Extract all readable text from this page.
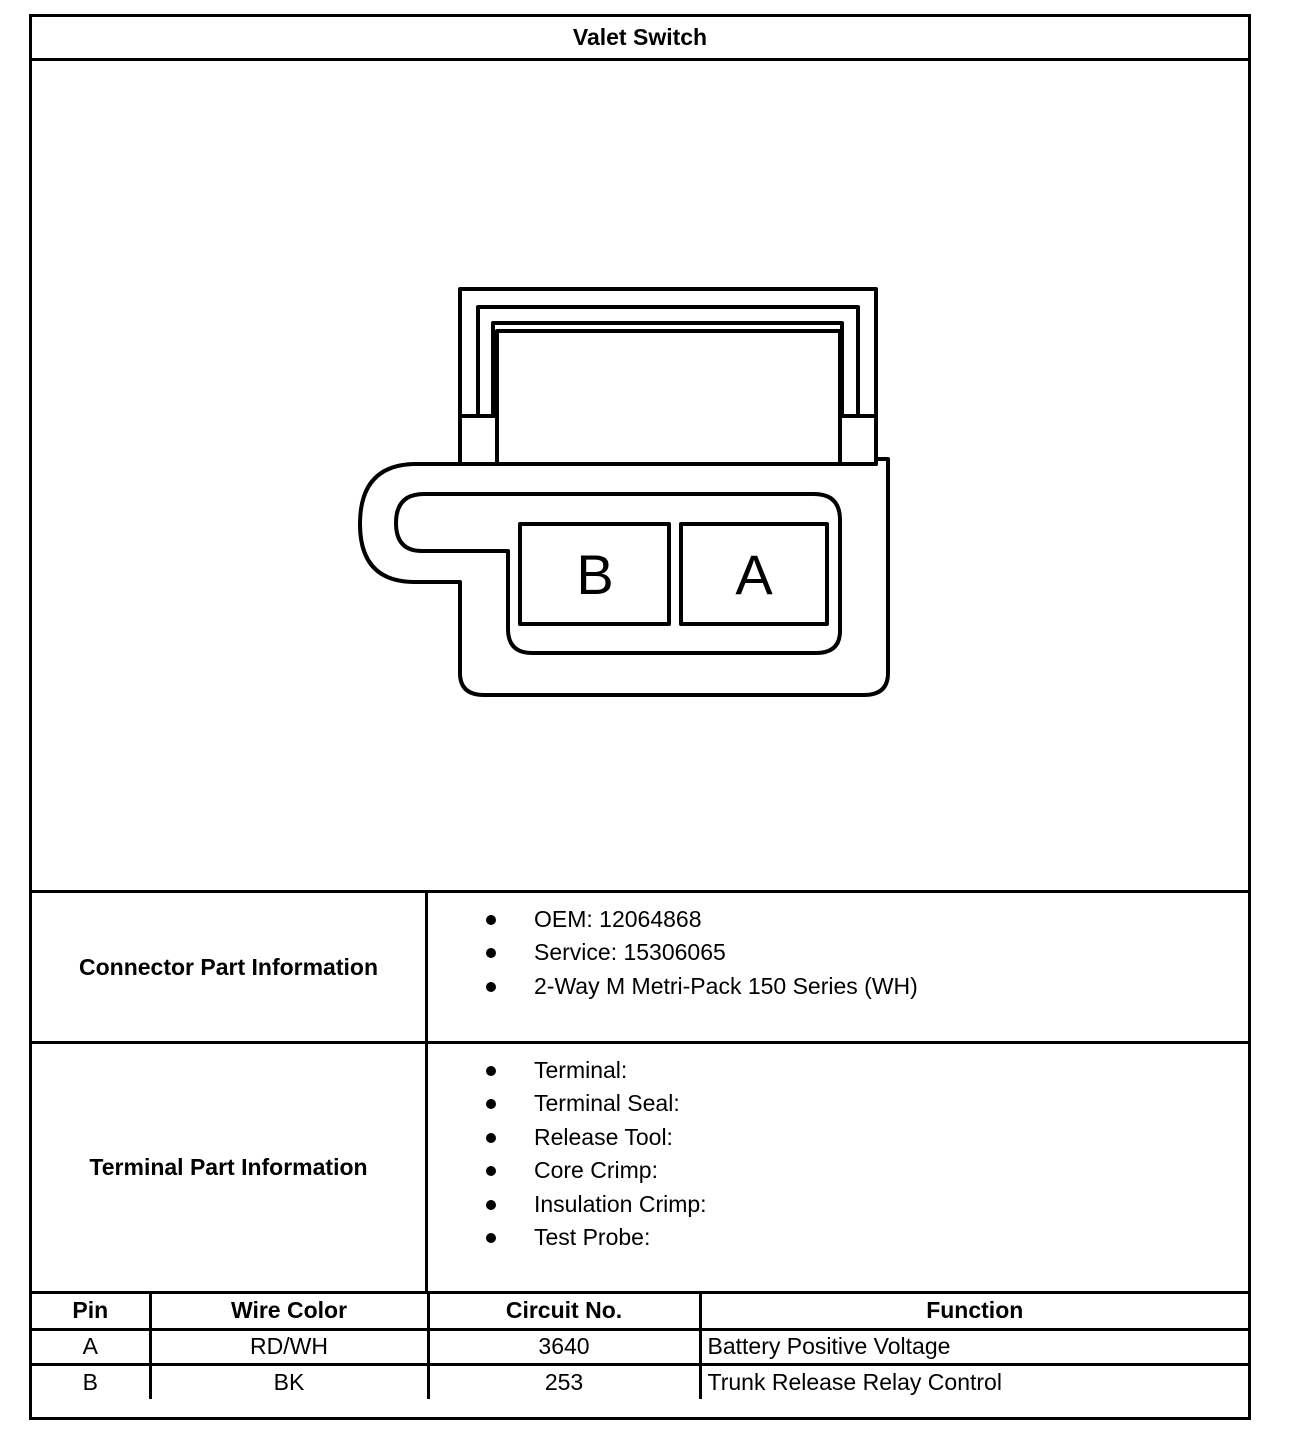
Valet Switch
B A
Connector Part Information
OEM: 12064868
Service: 15306065
2-Way M Metri-Pack 150 Series (WH)
Terminal Part Information
Terminal:
Terminal Seal:
Release Tool:
Core Crimp:
Insulation Crimp:
Test Probe:
Pin	Wire Color	Circuit No.	Function
A	RD/WH	3640	Battery Positive Voltage
B	BK	253	Trunk Release Relay Control
